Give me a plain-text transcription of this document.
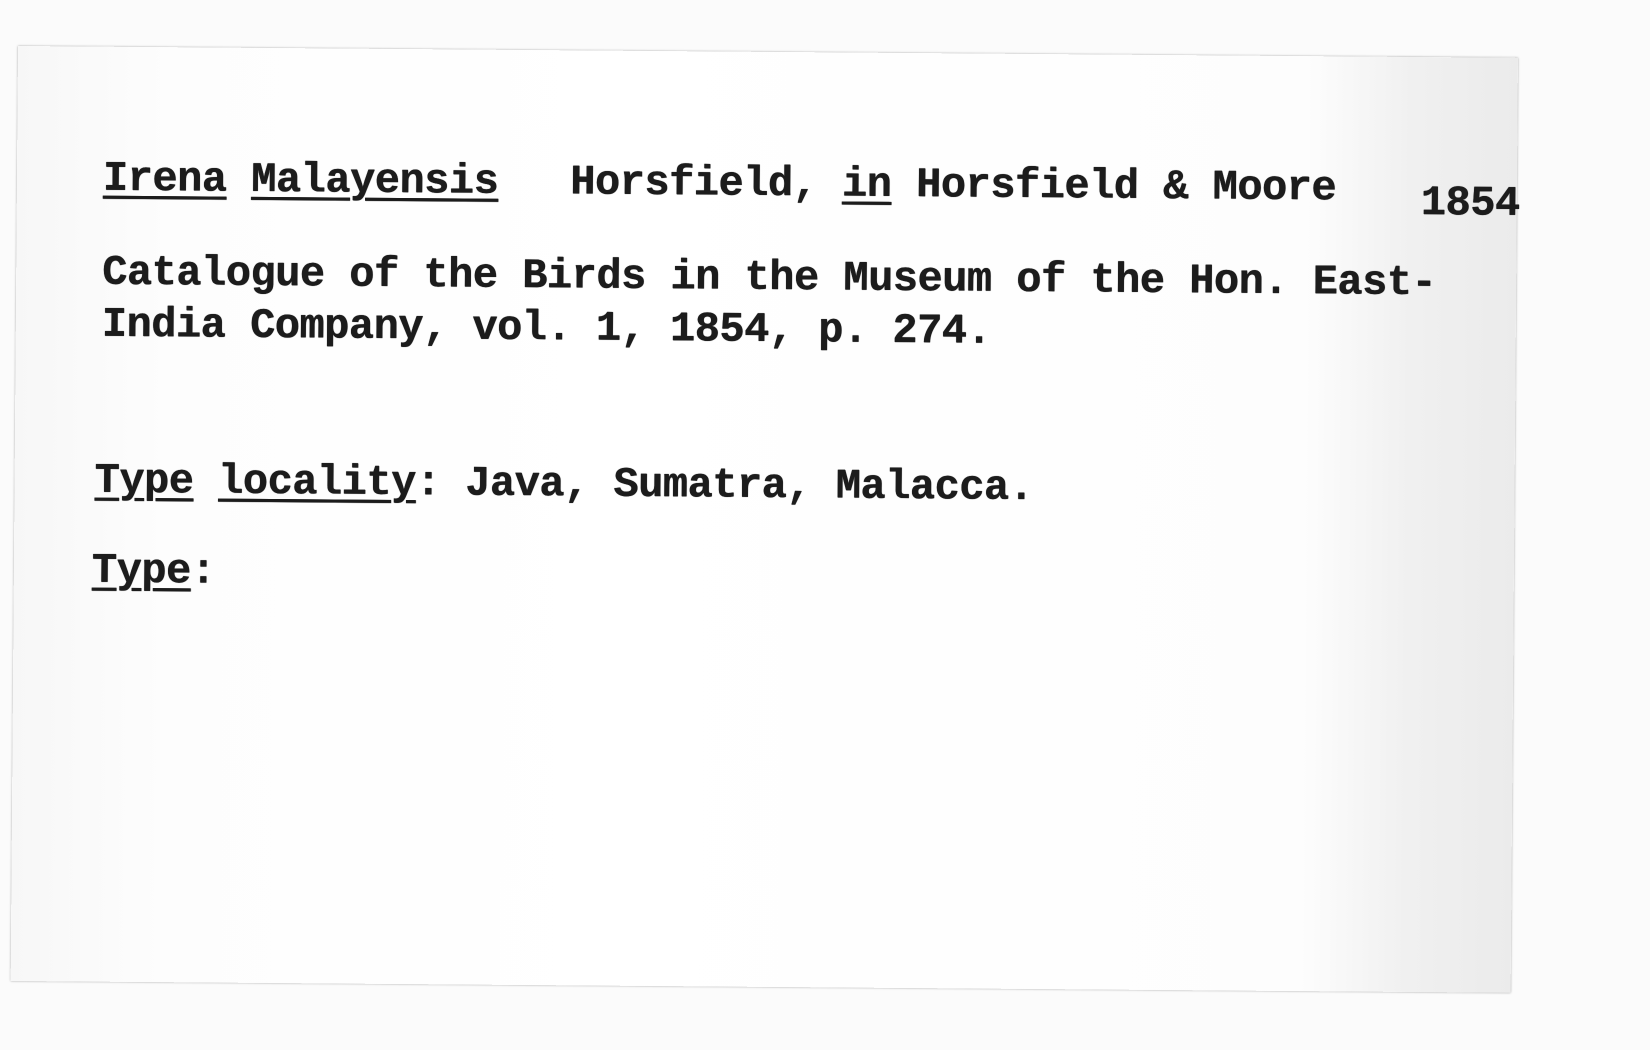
Irena Malayensis Horsfield, in Horsfield & Moore 1854
Catalogue of the Birds in the Museum of the Hon. East-
India Company, vol. 1, 1854, p. 274.
Type locality: Java, Sumatra, Malacca.
Type:
